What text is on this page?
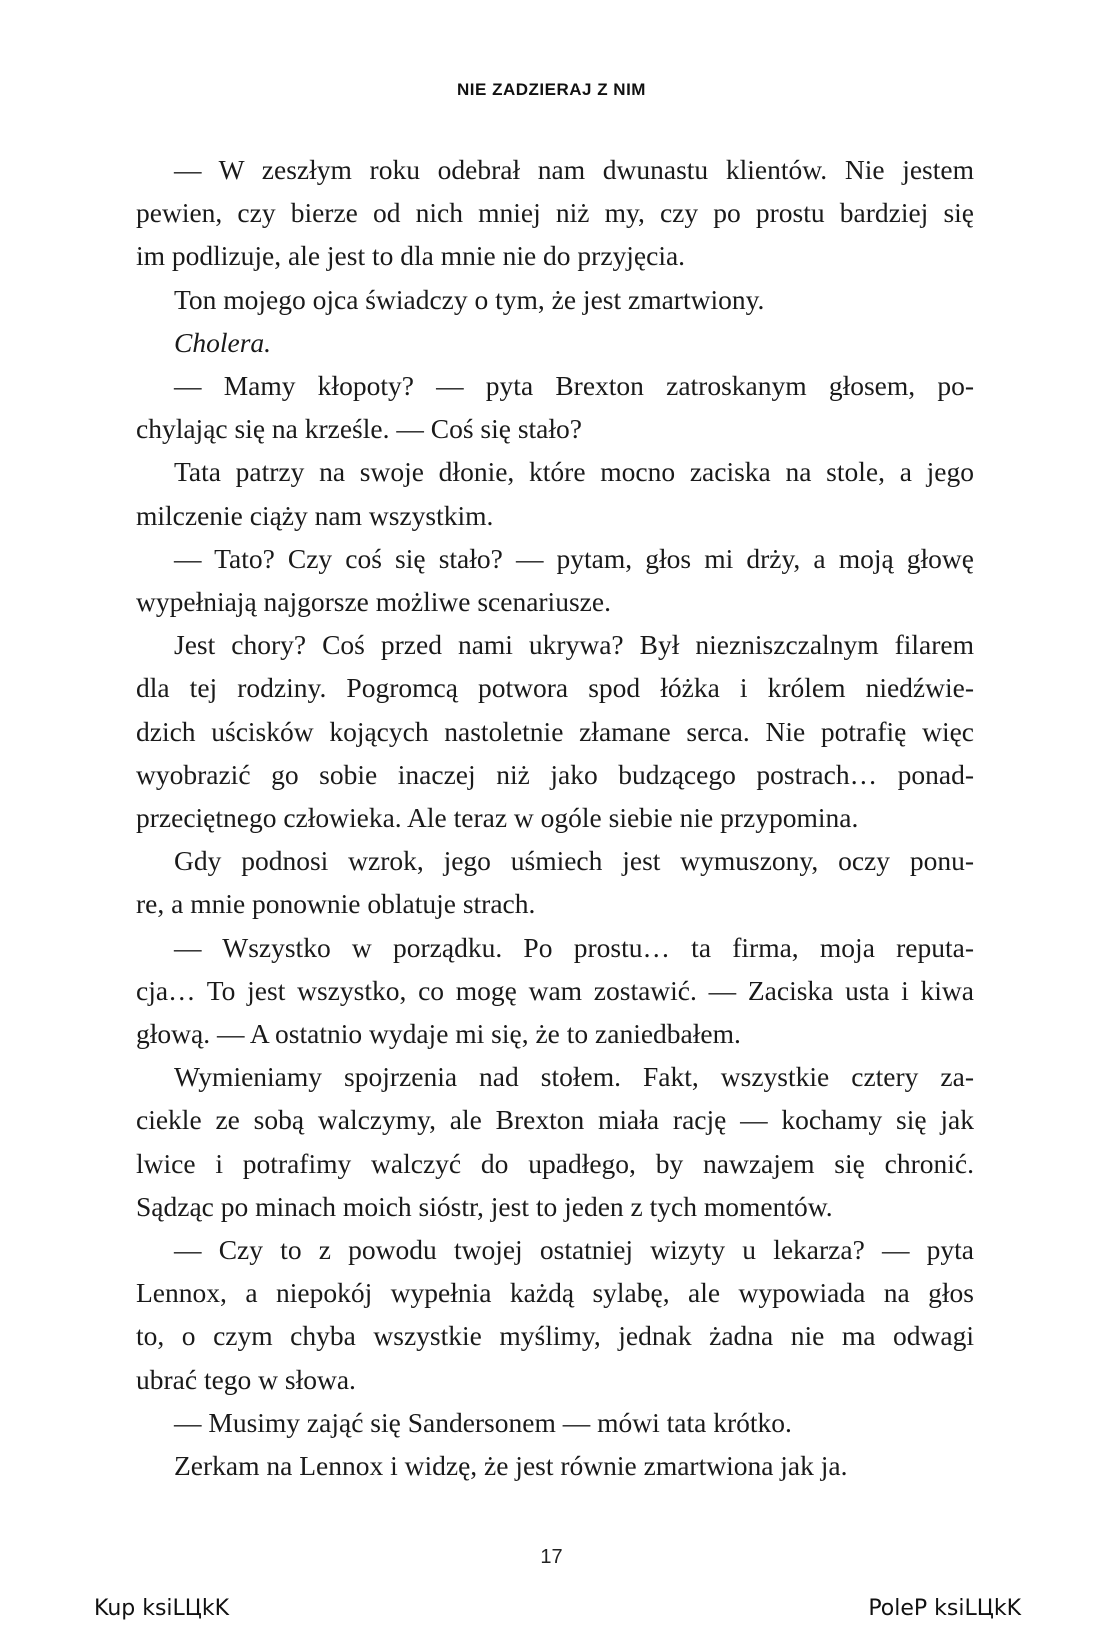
NIE ZADZIERAJ Z NIM
— W zeszłym roku odebrał nam dwunastu klientów. Nie jestem
pewien, czy bierze od nich mniej niż my, czy po prostu bardziej się
im podlizuje, ale jest to dla mnie nie do przyjęcia.
Ton mojego ojca świadczy o tym, że jest zmartwiony.
Cholera.
— Mamy kłopoty? — pyta Brexton zatroskanym głosem, po-
chylając się na krześle. — Coś się stało?
Tata patrzy na swoje dłonie, które mocno zaciska na stole, a jego
milczenie ciąży nam wszystkim.
— Tato? Czy coś się stało? — pytam, głos mi drży, a moją głowę
wypełniają najgorsze możliwe scenariusze.
Jest chory? Coś przed nami ukrywa? Był niezniszczalnym filarem
dla tej rodziny. Pogromcą potwora spod łóżka i królem niedźwie-
dzich uścisków kojących nastoletnie złamane serca. Nie potrafię więc
wyobrazić go sobie inaczej niż jako budzącego postrach… ponad-
przeciętnego człowieka. Ale teraz w ogóle siebie nie przypomina.
Gdy podnosi wzrok, jego uśmiech jest wymuszony, oczy ponu-
re, a mnie ponownie oblatuje strach.
— Wszystko w porządku. Po prostu… ta firma, moja reputa-
cja… To jest wszystko, co mogę wam zostawić. — Zaciska usta i kiwa
głową. — A ostatnio wydaje mi się, że to zaniedbałem.
Wymieniamy spojrzenia nad stołem. Fakt, wszystkie cztery za-
ciekle ze sobą walczymy, ale Brexton miała rację — kochamy się jak
lwice i potrafimy walczyć do upadłego, by nawzajem się chronić.
Sądząc po minach moich sióstr, jest to jeden z tych momentów.
— Czy to z powodu twojej ostatniej wizyty u lekarza? — pyta
Lennox, a niepokój wypełnia każdą sylabę, ale wypowiada na głos
to, o czym chyba wszystkie myślimy, jednak żadna nie ma odwagi
ubrać tego w słowa.
— Musimy zająć się Sandersonem — mówi tata krótko.
Zerkam na Lennox i widzę, że jest równie zmartwiona jak ja.
17
Kup ksiLЦkK	PoleP ksiLЦkK
